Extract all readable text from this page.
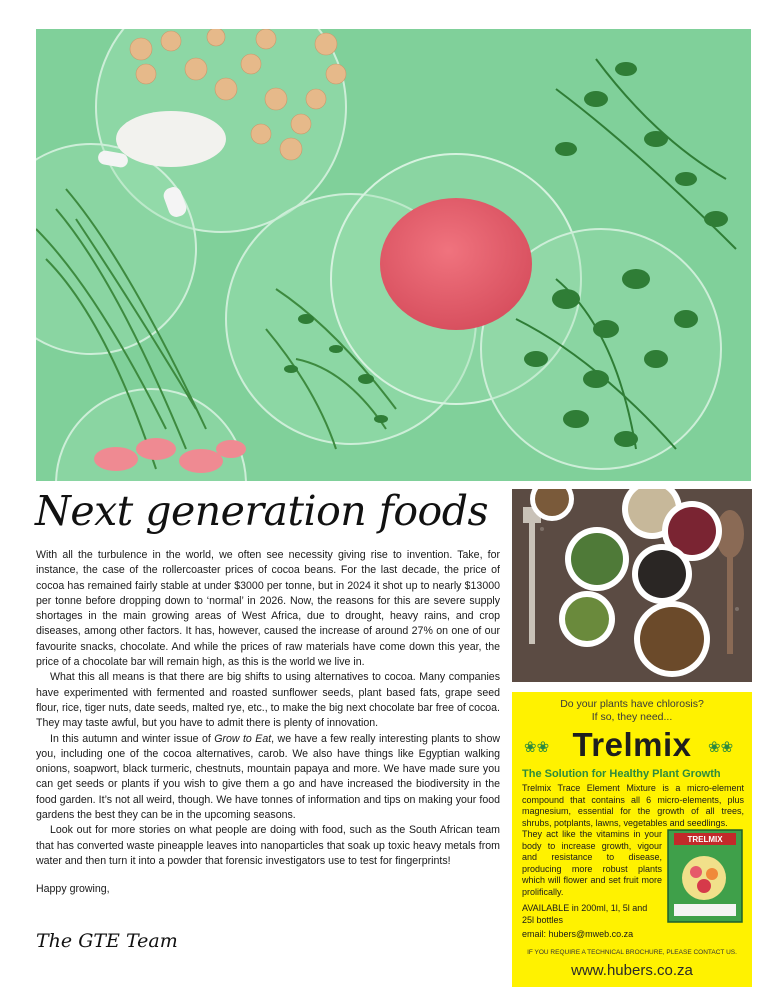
Next generation foods

With all the turbulence in the world, we often see necessity giving rise to invention. Take, for instance, the case of the rollercoaster prices of cocoa beans. For the last decade, the price of cocoa has remained fairly stable at under $3000 per tonne, but in 2024 it shot up to nearly $13000 per tonne before dropping down to ‘normal’ in 2026. Now, the reasons for this are severe supply shortages in the main growing areas of West Africa, due to drought, heavy rains, and crop diseases, among other factors. It has, however, caused the increase of around 27% on one of our favourite snacks, chocolate. And while the prices of raw materials have come down this year, the price of a chocolate bar will remain high, as this is the world we live in.

What this all means is that there are big shifts to using alternatives to cocoa. Many companies have experimented with fermented and roasted sunflower seeds, plant based fats, grape seed flour, rice, tiger nuts, date seeds, malted rye, etc., to make the big next chocolate bar free of cocoa. They may taste awful, but you have to admit there is plenty of innovation.

In this autumn and winter issue of Grow to Eat, we have a few really interesting plants to show you, including one of the cocoa alternatives, carob. We also have things like Egyptian walking onions, soapwort, black turmeric, chestnuts, mountain papaya and more. We have made sure you can get seeds or plants if you wish to give them a go and have increased the biodiversity in the food garden. It’s not all weird, though. We have tonnes of information and tips on making your food gardens the best they can be in the upcoming seasons.

Look out for more stories on what people are doing with food, such as the South African team that has converted waste pineapple leaves into nanoparticles that soak up toxic heavy metals from water and then turn it into a powder that forensic investigators use to test for fingerprints!

Happy growing,

The GTE Team
Do your plants have chlorosis?
If so, they need...
❀❀ Trelmix	❀❀
The Solution for Healthy Plant Growth
Trelmix Trace Element Mixture is a micro-element compound that contains all 6 micro-elements, plus magnesium, essential for the growth of all trees, shrubs, potplants, lawns, vegetables and seedlings.
They act like the vitamins in your body to increase growth, vigour and resistance to disease, producing more robust plants which will flower and set fruit more prolifically.
AVAILABLE in 200ml, 1l, 5l and 25l bottles
TRELMIX
email: hubers@mweb.co.za
IF YOU REQUIRE A TECHNICAL BROCHURE, PLEASE CONTACT US.
www.hubers.co.za
